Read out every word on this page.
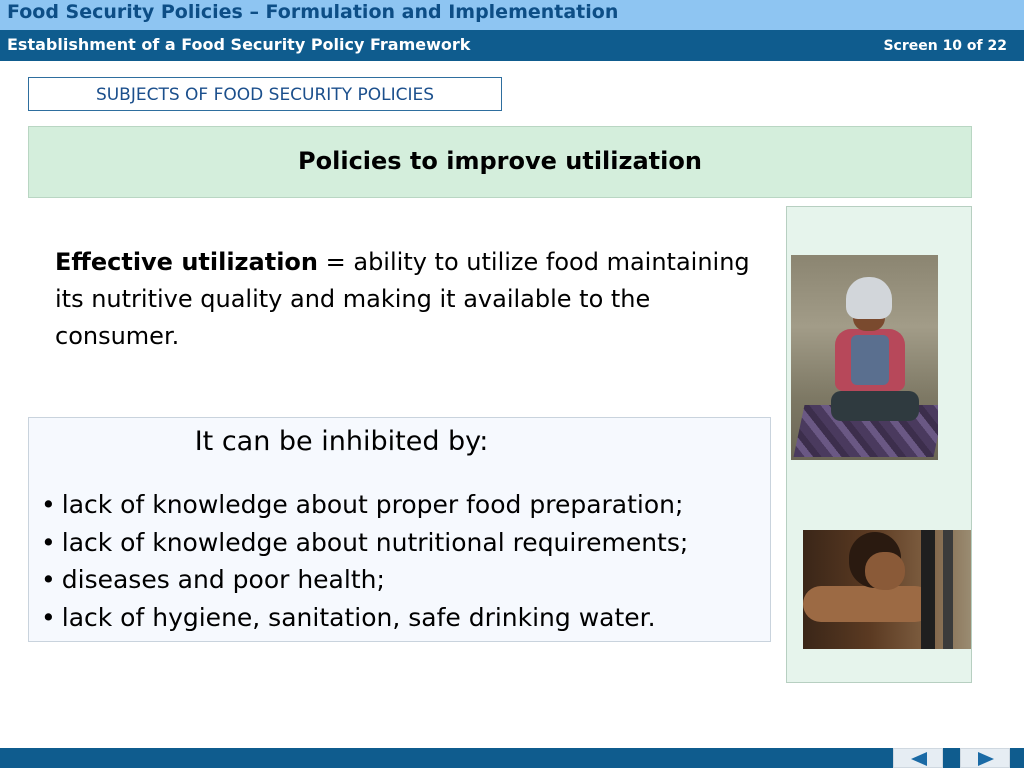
Food Security Policies – Formulation and Implementation
Establishment of a Food Security Policy Framework	Screen 10 of 22
SUBJECTS OF FOOD SECURITY POLICIES
Policies to improve utilization
Effective utilization = ability to utilize food maintaining its nutritive quality and making it available to the consumer.
It can be inhibited by:
• lack of knowledge about proper food preparation;
• lack of knowledge about nutritional requirements;
• diseases and poor health;
• lack of hygiene, sanitation, safe drinking water.
